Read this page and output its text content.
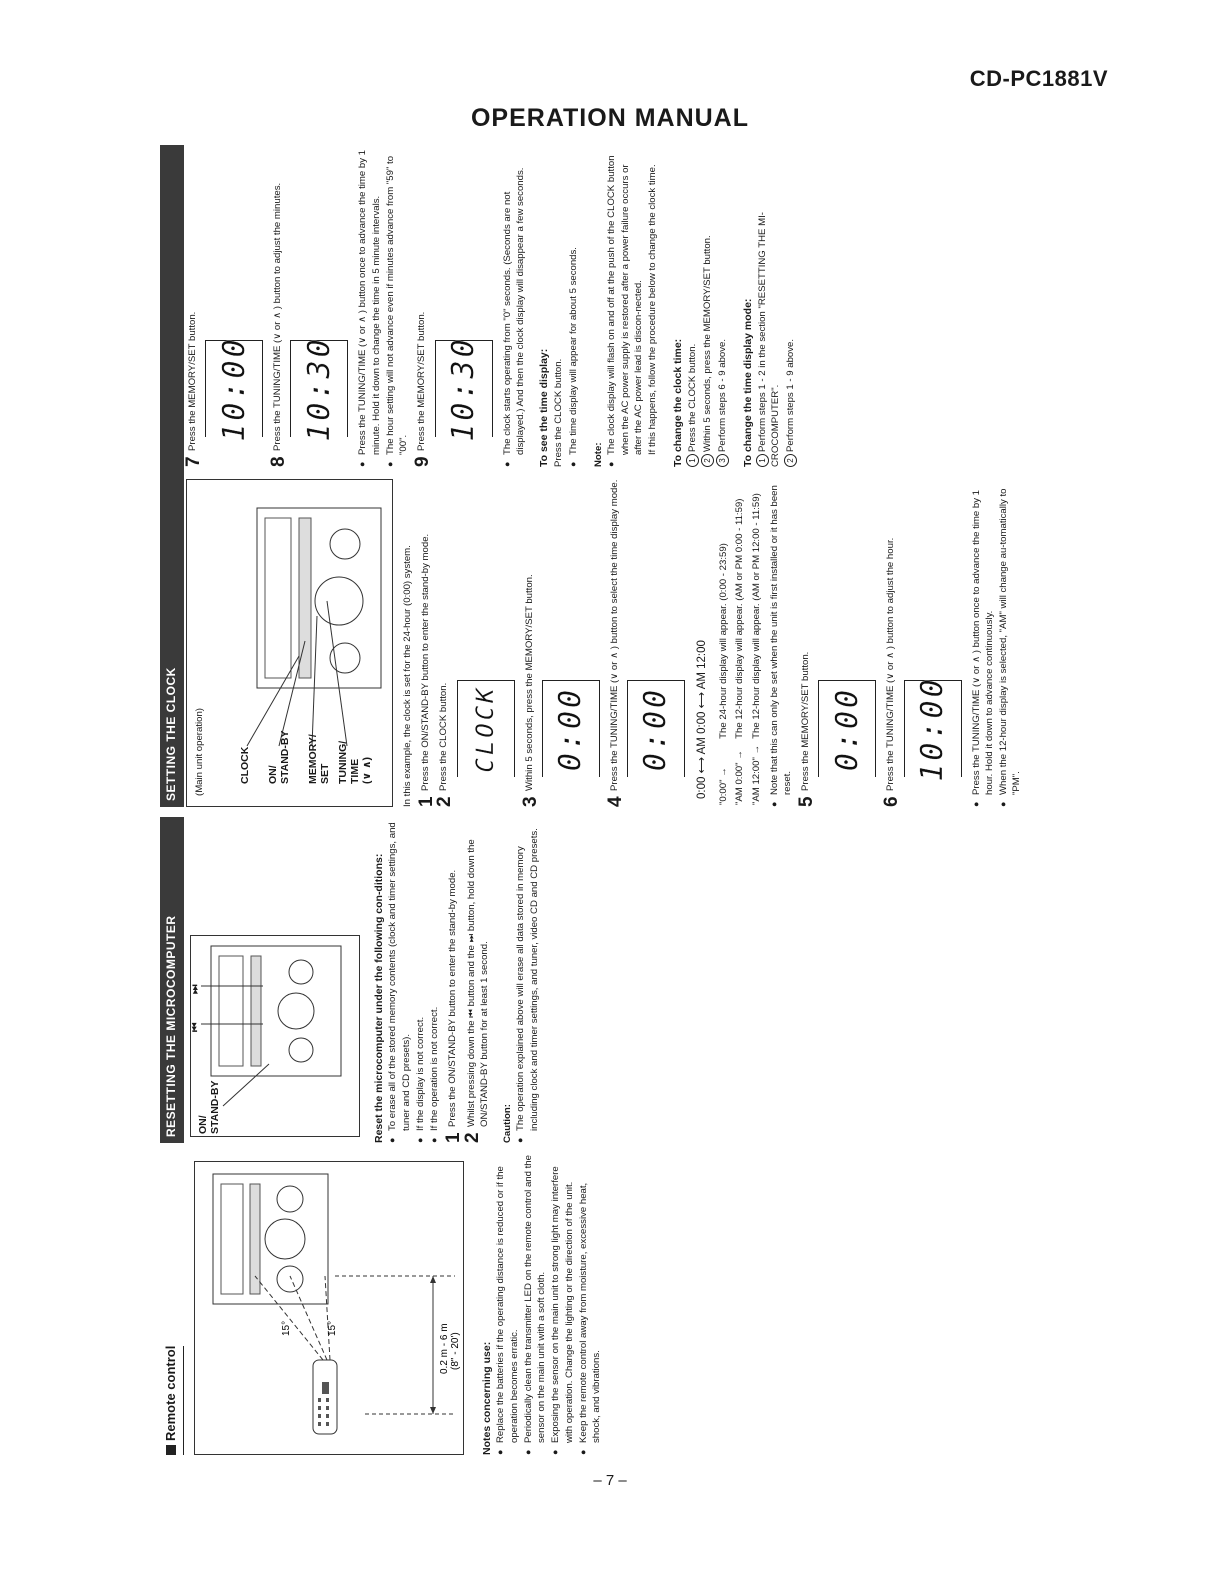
CD-PC1881V
OPERATION MANUAL
Remote control
15°
15°	0.2 m - 6 m (8" - 20') Notes concerning use: ● Replace the batteries if the operating distance is reduced or if the operation becomes erratic. ● Periodically clean the transmitter LED on the remote control and the sensor on the main unit with a soft cloth. ● Exposing the sensor on the main unit to strong light may interfere with operation. Change the lighting or the direction of the unit. ● Keep the remote control away from moisture, excessive heat, shock, and vibrations.
RESETTING THE MICROCOMPUTER	ON/
STAND-BY
⏮
⏭	Reset the microcomputer under the following con-ditions: ● To erase all of the stored memory contents (clock and timer settings, and tuner and CD presets). ● If the display is not correct. ● If the operation is not correct.
1
Press the ON/STAND-BY button to enter the stand-by mode.
2
Whilst pressing down the ⏮ button and the ⏭ button, hold down the ON/STAND-BY button for at least 1 second. Caution: ● The operation explained above will erase all data stored in memory including clock and timer settings, and tuner, video CD and CD presets.
SETTING THE CLOCK	(Main unit operation)	CLOCK ON/
STAND-BY MEMORY/
SET TUNING/
TIME
(∨ ∧)	In this example, the clock is set for the 24-hour (0:00) system. 1
Press the ON/STAND-BY button to enter the stand-by mode.
2
Press the CLOCK button. CLOCK
3
Within 5 seconds, press the MEMORY/SET button. 0:00
4
Press the TUNING/TIME (∨ or ∧ ) button to select the time display mode. 0:00 0:00 ⟷ AM 0:00 ⟷ AM 12:00 "0:00" →	The 24-hour display will appear. (0:00 - 23:59)
"AM 0:00" →	The 12-hour display will appear. (AM or PM 0:00 - 11:59)
"AM 12:00" →	The 12-hour display will appear. (AM or PM 12:00 - 11:59) ● Note that this can only be set when the unit is first installed or it has been reset.
5
Press the MEMORY/SET button. 0:00
6
Press the TUNING/TIME (∨ or ∧ ) button to adjust the hour. 10:00	● Press the TUNING/TIME (∨ or ∧ ) button once to advance the time by 1 hour. Hold it down to advance continuously. ● When the 12-hour display is selected, "AM" will change au-tomatically to "PM".
7
Press the MEMORY/SET button. 10:00
8
Press the TUNING/TIME (∨ or ∧ ) button to adjust the minutes. 10:30	● Press the TUNING/TIME (∨ or ∧ ) button once to advance the time by 1 minute. Hold it down to change the time in 5 minute intervals. ● The hour setting will not advance even if minutes advance from "59" to "00".
9
Press the MEMORY/SET button. 10:30	● The clock starts operating from "0" seconds. (Seconds are not displayed.) And then the clock display will disappear a few seconds. To see the time display: Press the CLOCK button. ● The time display will appear for about 5 seconds. Note: ● The clock display will flash on and off at the push of the CLOCK button when the AC power supply is restored after a power failure occurs or after the AC power lead is discon-nected. If this happens, follow the procedure below to change the clock time. To change the clock time: 1Press the CLOCK button.
2Within 5 seconds, press the MEMORY/SET button.
3Perform steps 6 - 9 above. To change the time display mode: 1Perform steps 1 - 2 in the section "RESETTING THE MI-CROCOMPUTER". 2Perform steps 1 - 9 above.
– 7 –
